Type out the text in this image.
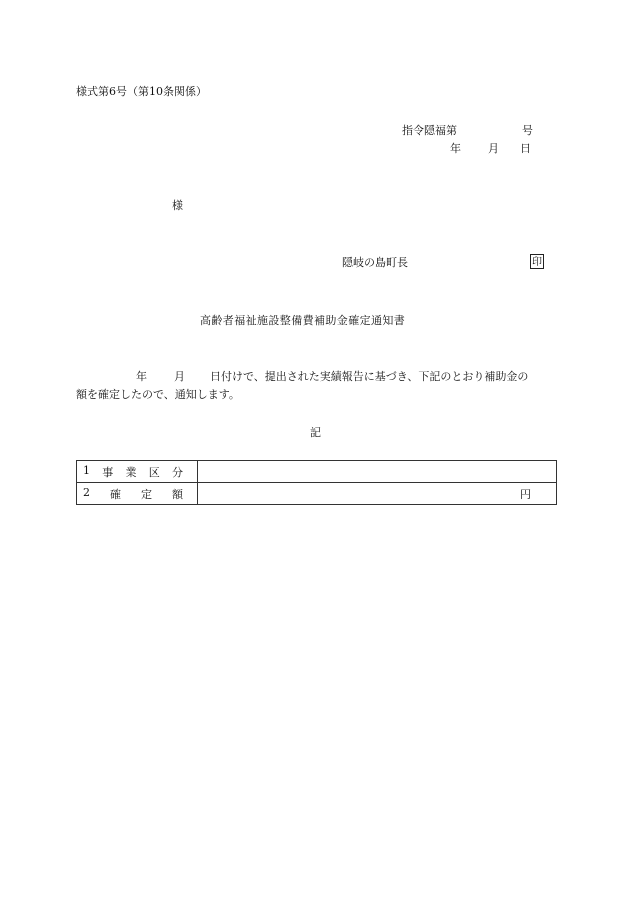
様式第6号（第10条関係）
指令隠福第	号
年 月 日
様
隠岐の島町長	印
高齢者福祉施設整備費補助金確定通知書
年 月 日付けで、提出された実績報告に基づき、下記のとおり補助金の
額を確定したので、通知します。
記
1 事 業 区 分	

2 確 定 額	円
